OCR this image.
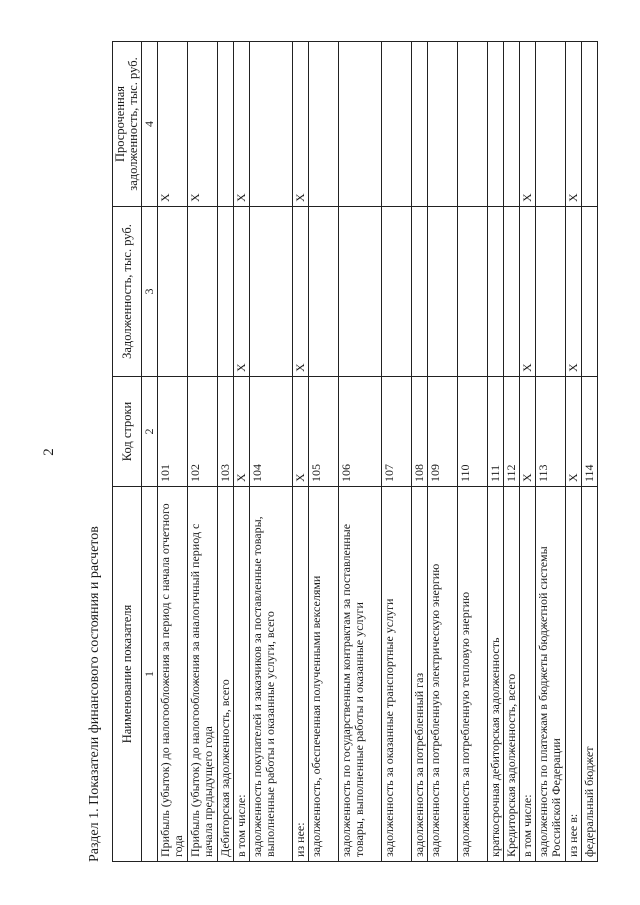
2
Раздел 1. Показатели финансового состояния и расчетов Наименование показателя	Код строки	Задолженность, тыс. руб.	Просроченная задолженность, тыс. руб.
1	2	3	4
Прибыль (убыток) до налогообложения за период с начала отчетного года	101		X
Прибыль (убыток) до налогообложения за аналогичный период с начала предыдущего года	102		X
Дебиторская задолженность, всего	103		
в том числе:	X	X	X
задолженность покупателей и заказчиков за поставленные товары, выполненные работы и оказанные услуги, всего	104		
из нее:	X	X	X
задолженность, обеспеченная полученными векселями	105		
задолженность по государственным контрактам за поставленные товары, выполненные работы и оказанные услуги	106		
задолженность за оказанные транспортные услуги	107		
задолженность за потребленный газ	108		
задолженность за потребленную электрическую энергию	109		
задолженность за потребленную тепловую энергию	110		
краткосрочная дебиторская задолженность	111		
Кредиторская задолженность, всего	112		
в том числе:	X	X	X
задолженность по платежам в бюджеты бюджетной системы Российской Федерации	113		
из нее в:	X	X	X
федеральный бюджет	114		
